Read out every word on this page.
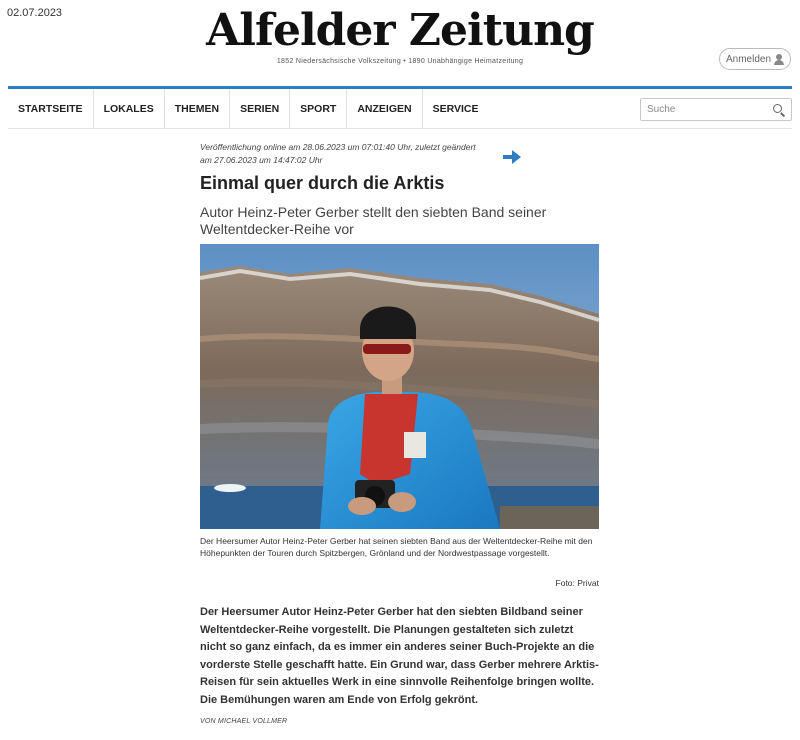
02.07.2023	Alfelder Zeitung
1852 Niedersächsische Volkszeitung • 1890 Unabhängige Heimatzeitung	Anmelden
STARTSEITE	LOKALES	THEMEN	SERIEN	SPORT	ANZEIGEN	SERVICE
Suche
Veröffentlichung online am 28.06.2023 um 07:01:40 Uhr, zuletzt geändert am 27.06.2023 um 14:47:02 Uhr
Einmal quer durch die Arktis
Autor Heinz-Peter Gerber stellt den siebten Band seiner Weltentdecker-Reihe vor
Der Heersumer Autor Heinz-Peter Gerber hat seinen siebten Band aus der Weltentdecker-Reihe mit den Höhepunkten der Touren durch Spitzbergen, Grönland und der Nordwestpassage vorgestellt.
Foto: Privat

Der Heersumer Autor Heinz-Peter Gerber hat den siebten Bildband seiner Weltentdecker-Reihe vorgestellt. Die Planungen gestalteten sich zuletzt nicht so ganz einfach, da es immer ein anderes seiner Buch-Projekte an die vorderste Stelle geschafft hatte. Ein Grund war, dass Gerber mehrere Arktis-Reisen für sein aktuelles Werk in eine sinnvolle Reihenfolge bringen wollte. Die Bemühungen waren am Ende von Erfolg gekrönt.

VON MICHAEL VOLLMER
